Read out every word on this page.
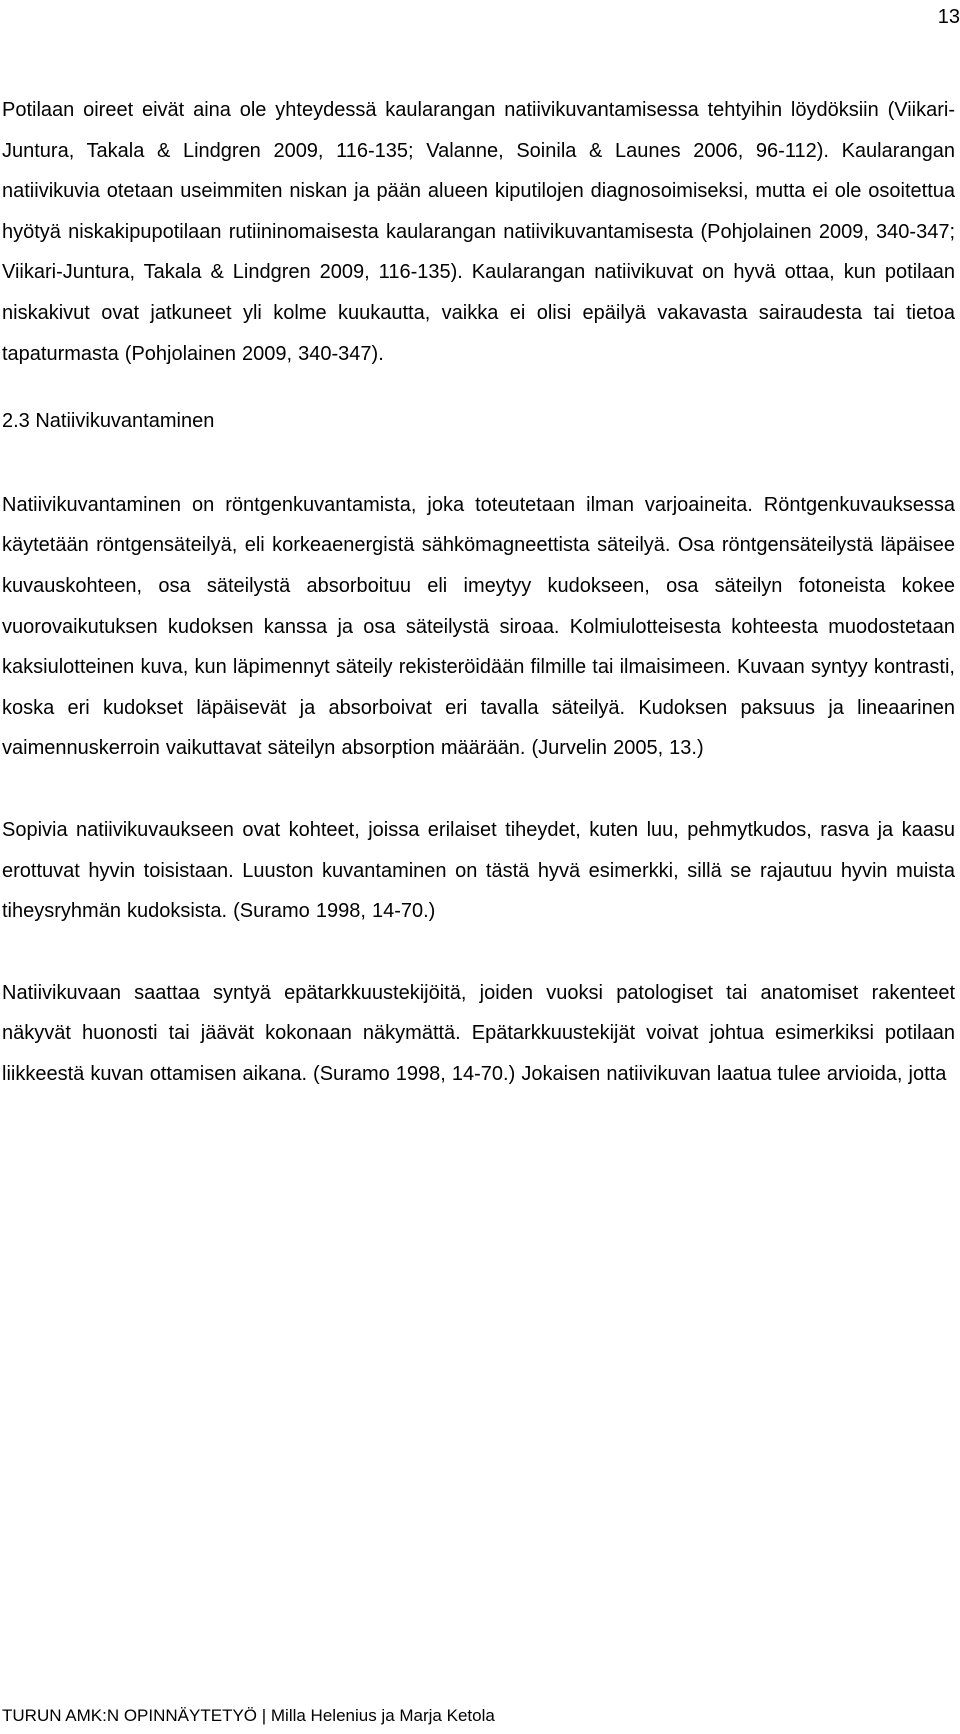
13

Potilaan oireet eivät aina ole yhteydessä kaularangan natiivikuvantamisessa tehtyihin löydöksiin (Viikari-Juntura, Takala & Lindgren 2009, 116-135; Valanne, Soinila & Launes 2006, 96-112). Kaularangan natiivikuvia otetaan useimmiten niskan ja pään alueen kiputilojen diagnosoimiseksi, mutta ei ole osoitettua hyötyä niskakipupotilaan rutiininomaisesta kaularangan natiivikuvantamisesta (Pohjolainen 2009, 340-347; Viikari-Juntura, Takala & Lindgren 2009, 116-135). Kaularangan natiivikuvat on hyvä ottaa, kun potilaan niskakivut ovat jatkuneet yli kolme kuukautta, vaikka ei olisi epäilyä vakavasta sairaudesta tai tietoa tapaturmasta (Pohjolainen 2009, 340-347).

2.3 Natiivikuvantaminen

Natiivikuvantaminen on röntgenkuvantamista, joka toteutetaan ilman varjoaineita. Röntgenkuvauksessa käytetään röntgensäteilyä, eli korkeaenergistä sähkömagneettista säteilyä. Osa röntgensäteilystä läpäisee kuvauskohteen, osa säteilystä absorboituu eli imeytyy kudokseen, osa säteilyn fotoneista kokee vuorovaikutuksen kudoksen kanssa ja osa säteilystä siroaa. Kolmiulotteisesta kohteesta muodostetaan kaksiulotteinen kuva, kun läpimennyt säteily rekisteröidään filmille tai ilmaisimeen. Kuvaan syntyy kontrasti, koska eri kudokset läpäisevät ja absorboivat eri tavalla säteilyä. Kudoksen paksuus ja lineaarinen vaimennuskerroin vaikuttavat säteilyn absorption määrään. (Jurvelin 2005, 13.)

Sopivia natiivikuvaukseen ovat kohteet, joissa erilaiset tiheydet, kuten luu, pehmytkudos, rasva ja kaasu erottuvat hyvin toisistaan. Luuston kuvantaminen on tästä hyvä esimerkki, sillä se rajautuu hyvin muista tiheysryhmän kudoksista. (Suramo 1998, 14-70.)

Natiivikuvaan saattaa syntyä epätarkkuustekijöitä, joiden vuoksi patologiset tai anatomiset rakenteet näkyvät huonosti tai jäävät kokonaan näkymättä. Epätarkkuustekijät voivat johtua esimerkiksi potilaan liikkeestä kuvan ottamisen aikana. (Suramo 1998, 14-70.) Jokaisen natiivikuvan laatua tulee arvioida, jotta

TURUN AMK:N OPINNÄYTETYÖ | Milla Helenius ja Marja Ketola
